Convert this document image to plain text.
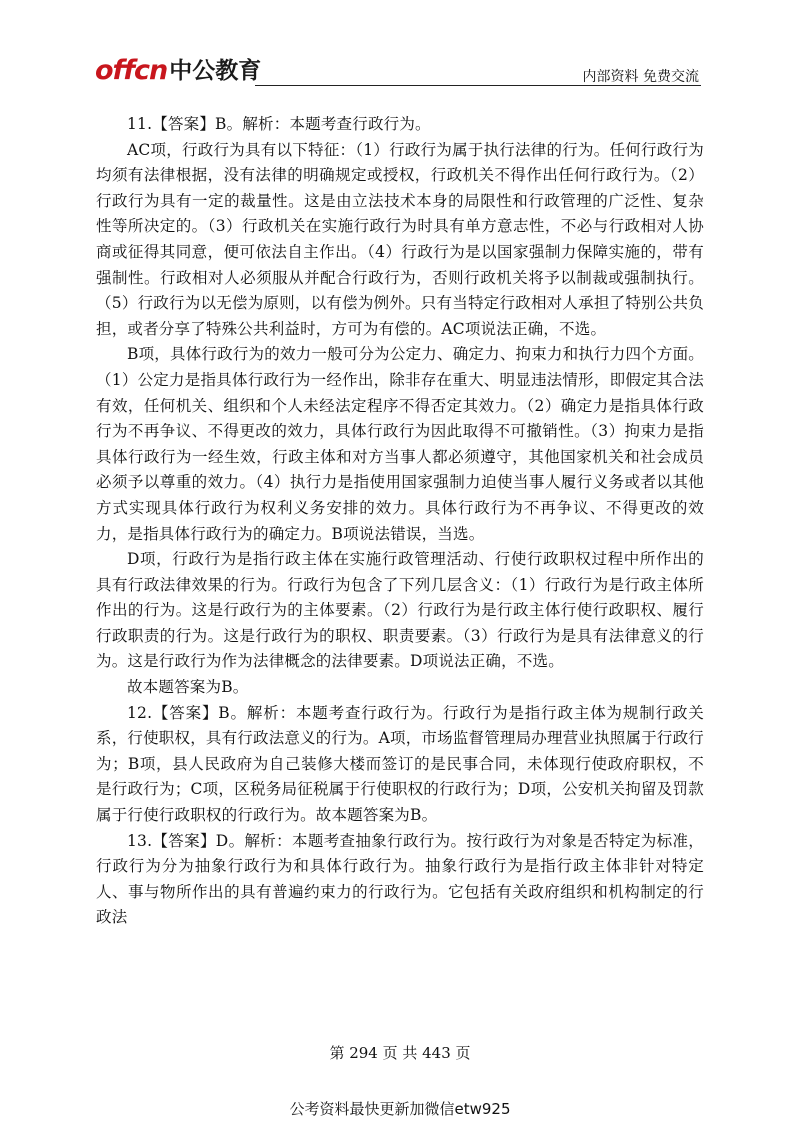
offcn 中公教育	内部资料 免费交流

11.【答案】B。解析：本题考查行政行为。

AC项，行政行为具有以下特征：（1）行政行为属于执行法律的行为。任何行政行为均须有法律根据，没有法律的明确规定或授权，行政机关不得作出任何行政行为。（2）行政行为具有一定的裁量性。这是由立法技术本身的局限性和行政管理的广泛性、复杂性等所决定的。（3）行政机关在实施行政行为时具有单方意志性，不必与行政相对人协商或征得其同意，便可依法自主作出。（4）行政行为是以国家强制力保障实施的，带有强制性。行政相对人必须服从并配合行政行为，否则行政机关将予以制裁或强制执行。（5）行政行为以无偿为原则，以有偿为例外。只有当特定行政相对人承担了特别公共负担，或者分享了特殊公共利益时，方可为有偿的。AC项说法正确，不选。

B项，具体行政行为的效力一般可分为公定力、确定力、拘束力和执行力四个方面。（1）公定力是指具体行政行为一经作出，除非存在重大、明显违法情形，即假定其合法有效，任何机关、组织和个人未经法定程序不得否定其效力。（2）确定力是指具体行政行为不再争议、不得更改的效力，具体行政行为因此取得不可撤销性。（3）拘束力是指具体行政行为一经生效，行政主体和对方当事人都必须遵守，其他国家机关和社会成员必须予以尊重的效力。（4）执行力是指使用国家强制力迫使当事人履行义务或者以其他方式实现具体行政行为权利义务安排的效力。具体行政行为不再争议、不得更改的效力，是指具体行政行为的确定力。B项说法错误，当选。

D项，行政行为是指行政主体在实施行政管理活动、行使行政职权过程中所作出的具有行政法律效果的行为。行政行为包含了下列几层含义：（1）行政行为是行政主体所作出的行为。这是行政行为的主体要素。（2）行政行为是行政主体行使行政职权、履行行政职责的行为。这是行政行为的职权、职责要素。（3）行政行为是具有法律意义的行为。这是行政行为作为法律概念的法律要素。D项说法正确，不选。

故本题答案为B。

12.【答案】B。解析：本题考查行政行为。行政行为是指行政主体为规制行政关系，行使职权，具有行政法意义的行为。A项，市场监督管理局办理营业执照属于行政行为；B项，县人民政府为自己装修大楼而签订的是民事合同，未体现行使政府职权，不是行政行为；C项，区税务局征税属于行使职权的行政行为；D项，公安机关拘留及罚款属于行使行政职权的行政行为。故本题答案为B。

13.【答案】D。解析：本题考查抽象行政行为。按行政行为对象是否特定为标准，行政行为分为抽象行政行为和具体行政行为。抽象行政行为是指行政主体非针对特定人、事与物所作出的具有普遍约束力的行政行为。它包括有关政府组织和机构制定的行政法

第 294 页 共 443 页
公考资料最快更新加微信etw925
